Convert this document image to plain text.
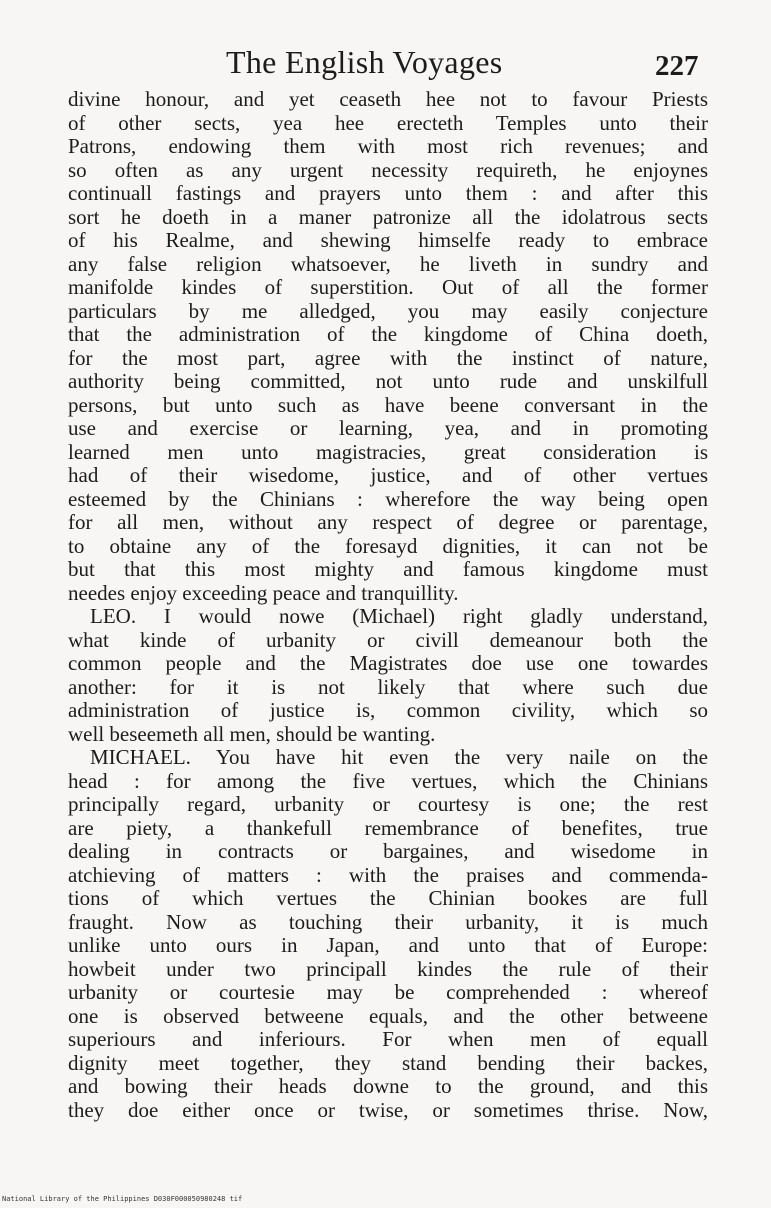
The English Voyages	227
divine honour, and yet ceaseth hee not to favour Priests
of other sects, yea hee erecteth Temples unto their
Patrons, endowing them with most rich revenues; and
so often as any urgent necessity requireth, he enjoynes
continuall fastings and prayers unto them : and after this
sort he doeth in a maner patronize all the idolatrous sects
of his Realme, and shewing himselfe ready to embrace
any false religion whatsoever, he liveth in sundry and
manifolde kindes of superstition. Out of all the former
particulars by me alledged, you may easily conjecture
that the administration of the kingdome of China doeth,
for the most part, agree with the instinct of nature,
authority being committed, not unto rude and unskilfull
persons, but unto such as have beene conversant in the
use and exercise or learning, yea, and in promoting
learned men unto magistracies, great consideration is
had of their wisedome, justice, and of other vertues
esteemed by the Chinians : wherefore the way being open
for all men, without any respect of degree or parentage,
to obtaine any of the foresayd dignities, it can not be
but that this most mighty and famous kingdome must
needes enjoy exceeding peace and tranquillity.
LEO. I would nowe (Michael) right gladly understand,
what kinde of urbanity or civill demeanour both the
common people and the Magistrates doe use one towardes
another: for it is not likely that where such due
administration of justice is, common civility, which so
well beseemeth all men, should be wanting.
MICHAEL. You have hit even the very naile on the
head : for among the five vertues, which the Chinians
principally regard, urbanity or courtesy is one; the rest
are piety, a thankefull remembrance of benefites, true
dealing in contracts or bargaines, and wisedome in
atchieving of matters : with the praises and commenda-
tions of which vertues the Chinian bookes are full
fraught. Now as touching their urbanity, it is much
unlike unto ours in Japan, and unto that of Europe:
howbeit under two principall kindes the rule of their
urbanity or courtesie may be comprehended : whereof
one is observed betweene equals, and the other betweene
superiours and inferiours. For when men of equall
dignity meet together, they stand bending their backes,
and bowing their heads downe to the ground, and this
they doe either once or twise, or sometimes thrise. Now,
National Library of the Philippines D030F000050980248 tif
